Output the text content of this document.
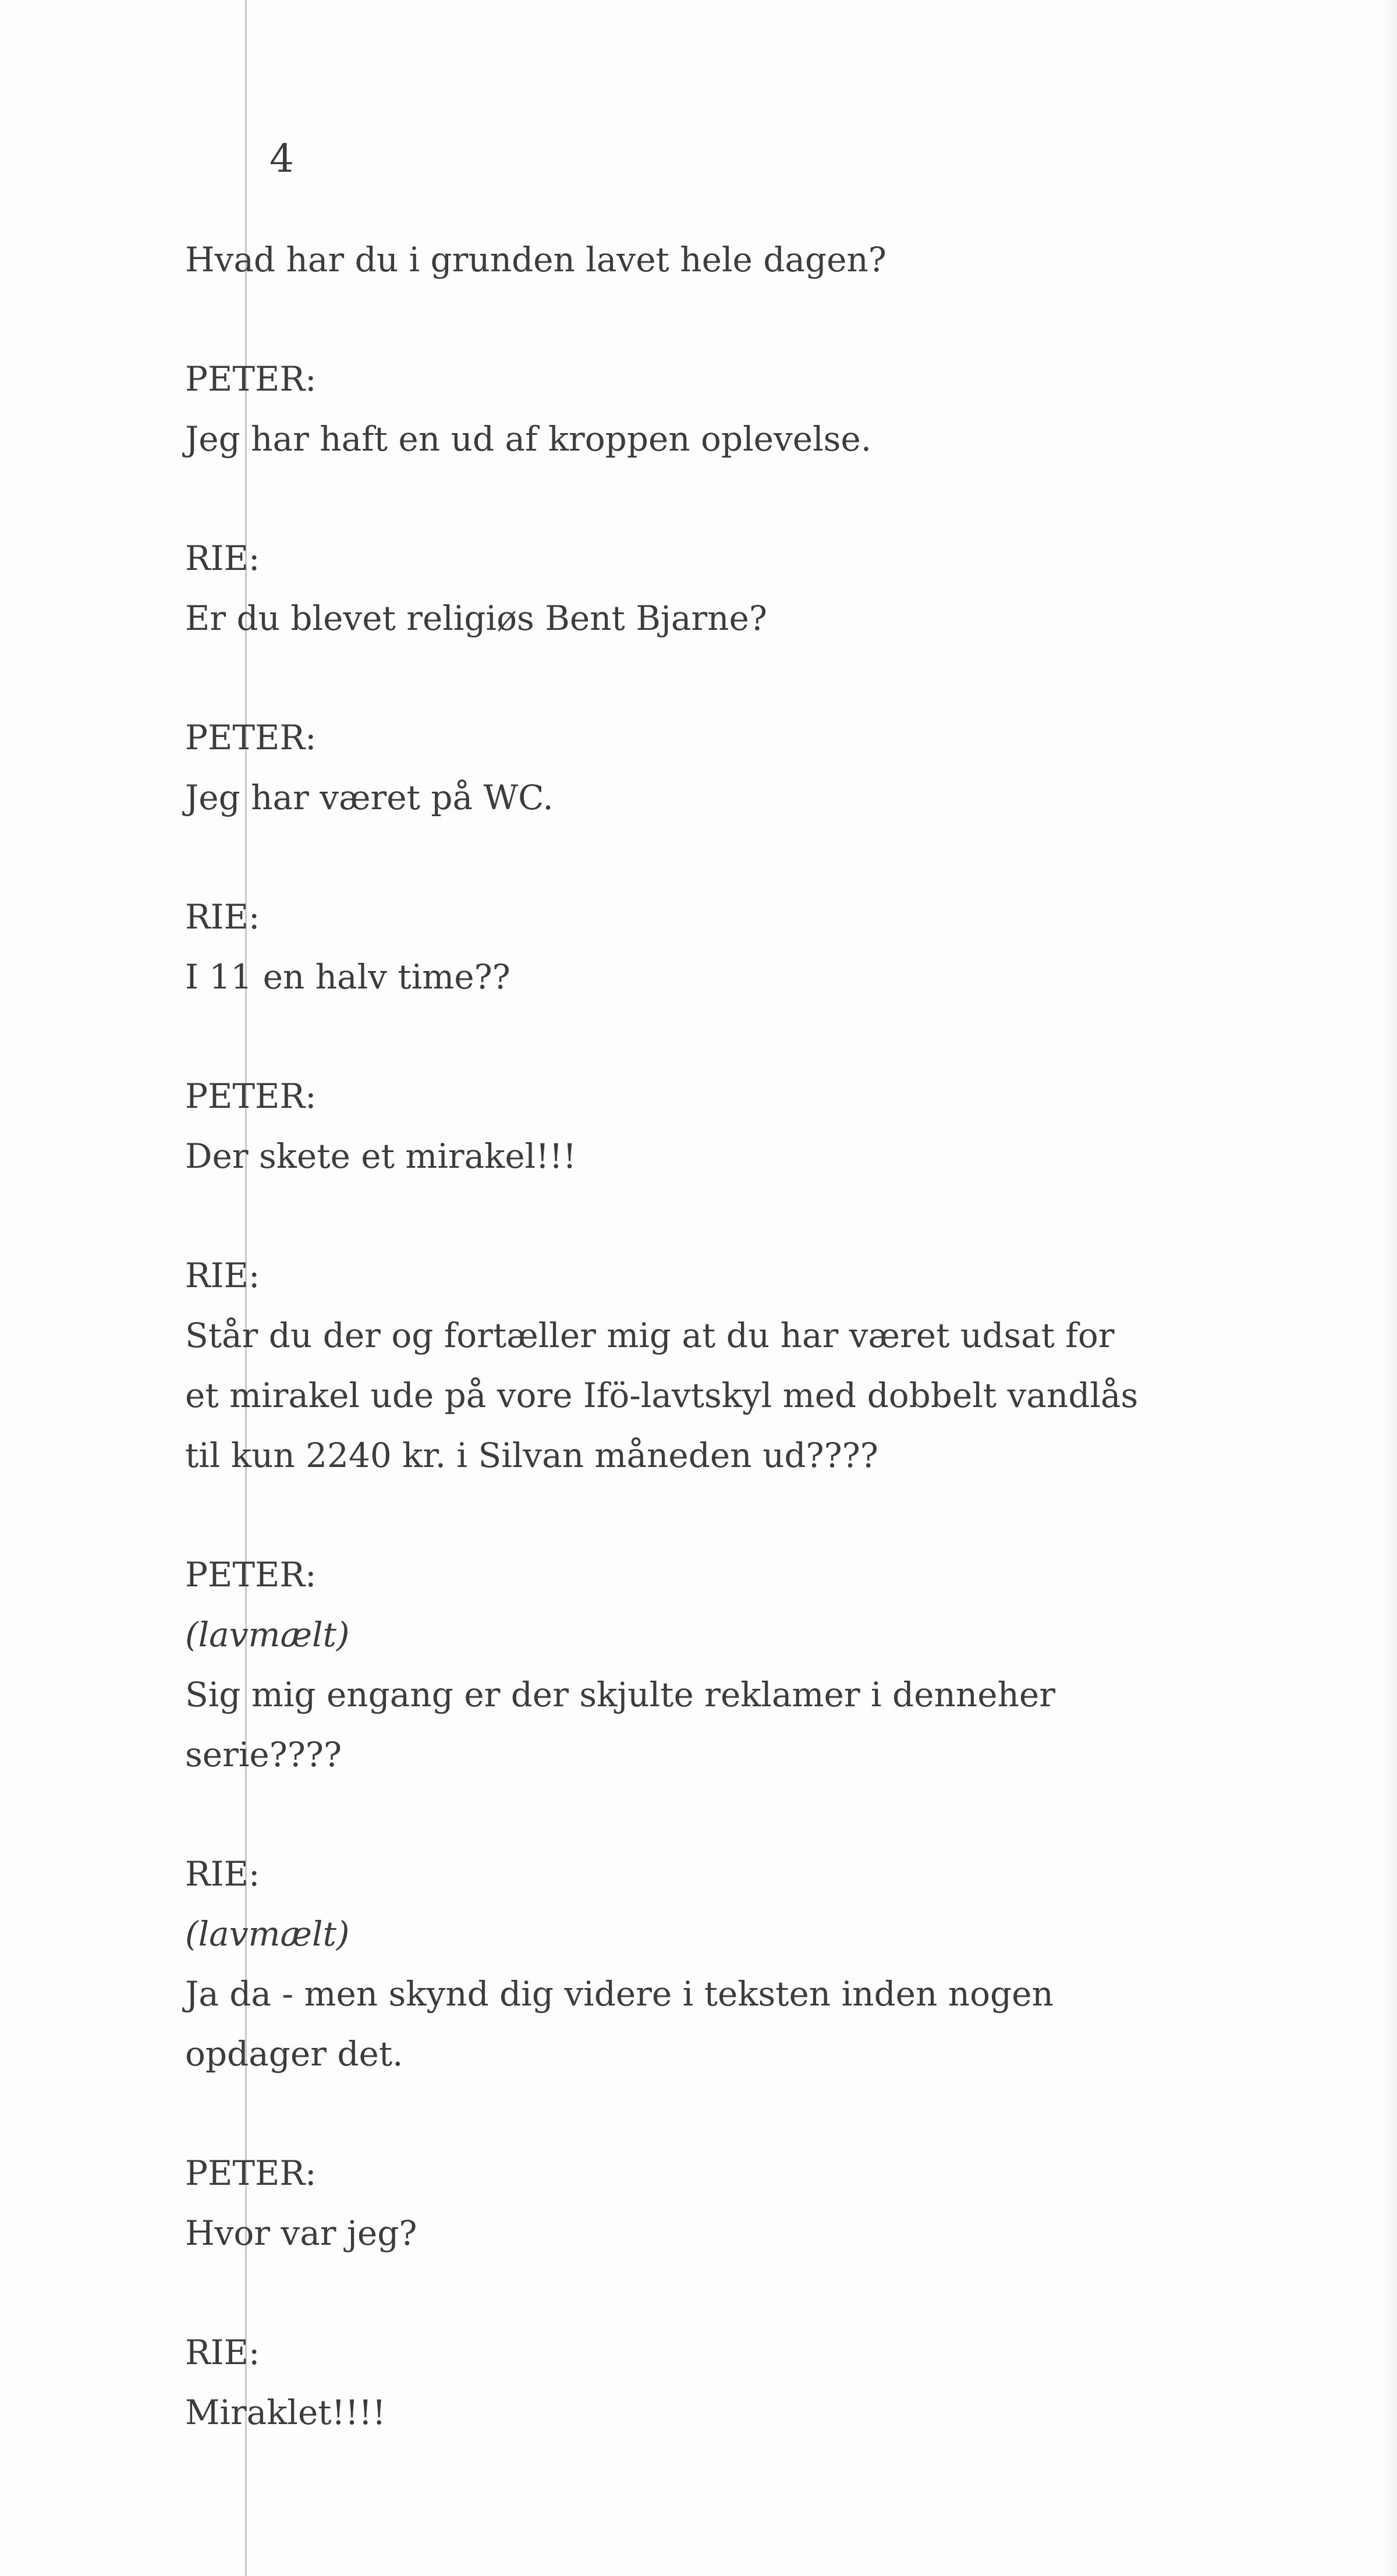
4
Hvad har du i grunden lavet hele dagen?
PETER:
Jeg har haft en ud af kroppen oplevelse.
RIE:
Er du blevet religiøs Bent Bjarne?
PETER:
Jeg har været på WC.
RIE:
I 11 en halv time??
PETER:
Der skete et mirakel!!!
RIE:
Står du der og fortæller mig at du har været udsat for
et mirakel ude på vore Ifö-lavtskyl med dobbelt vandlås
til kun 2240 kr. i Silvan måneden ud????
PETER:
(lavmælt)
Sig mig engang er der skjulte reklamer i denneher
serie????
RIE:
(lavmælt)
Ja da - men skynd dig videre i teksten inden nogen
opdager det.
PETER:
Hvor var jeg?
RIE:
Miraklet!!!!
